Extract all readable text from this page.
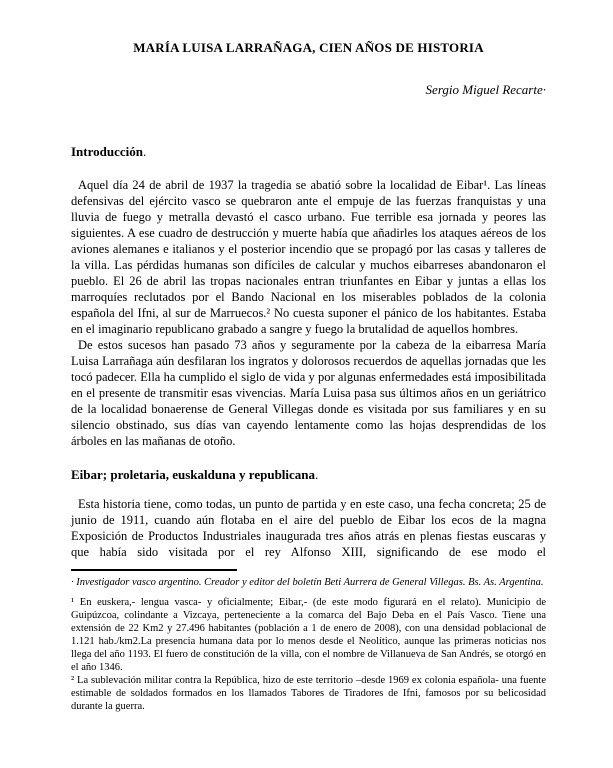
MARÍA LUISA LARRAÑAGA, CIEN AÑOS DE HISTORIA
Sergio Miguel Recarte·
Introducción.

Aquel día 24 de abril de 1937 la tragedia se abatió sobre la localidad de Eibar¹. Las líneas defensivas del ejército vasco se quebraron ante el empuje de las fuerzas franquistas y una lluvia de fuego y metralla devastó el casco urbano. Fue terrible esa jornada y peores las siguientes. A ese cuadro de destrucción y muerte había que añadirles los ataques aéreos de los aviones alemanes e italianos y el posterior incendio que se propagó por las casas y talleres de la villa. Las pérdidas humanas son difíciles de calcular y muchos eibarreses abandonaron el pueblo. El 26 de abril las tropas nacionales entran triunfantes en Eibar y juntas a ellas los marroquíes reclutados por el Bando Nacional en los miserables poblados de la colonia española del Ifni, al sur de Marruecos.² No cuesta suponer el pánico de los habitantes. Estaba en el imaginario republicano grabado a sangre y fuego la brutalidad de aquellos hombres.

De estos sucesos han pasado 73 años y seguramente por la cabeza de la eibarresa María Luisa Larrañaga aún desfilaran los ingratos y dolorosos recuerdos de aquellas jornadas que les tocó padecer. Ella ha cumplido el siglo de vida y por algunas enfermedades está imposibilitada en el presente de transmitir esas vivencias. María Luisa pasa sus últimos años en un geriátrico de la localidad bonaerense de General Villegas donde es visitada por sus familiares y en su silencio obstinado, sus días van cayendo lentamente como las hojas desprendidas de los árboles en las mañanas de otoño.

Eibar; proletaria, euskalduna y republicana.

Esta historia tiene, como todas, un punto de partida y en este caso, una fecha concreta; 25 de junio de 1911, cuando aún flotaba en el aire del pueblo de Eibar los ecos de la magna Exposición de Productos Industriales inaugurada tres años atrás en plenas fiestas euscaras y que había sido visitada por el rey Alfonso XIII, significando de ese modo el

· Investigador vasco argentino. Creador y editor del boletín Beti Aurrera de General Villegas. Bs. As. Argentina.

¹ En euskera,- lengua vasca- y oficialmente; Eibar,- (de este modo figurará en el relato). Municipio de Guipúzcoa, colindante a Vizcaya, perteneciente a la comarca del Bajo Deba en el País Vasco. Tiene una extensión de 22 Km2 y 27.496 habitantes (población a 1 de enero de 2008), con una densidad poblacional de 1.121 hab./km2.La presencia humana data por lo menos desde el Neolítico, aunque las primeras noticias nos llega del año 1193. El fuero de constitución de la villa, con el nombre de Villanueva de San Andrés, se otorgó en el año 1346.

² La sublevación militar contra la República, hizo de este territorio –desde 1969 ex colonia española- una fuente estimable de soldados formados en los llamados Tabores de Tiradores de Ifni, famosos por su belicosidad durante la guerra.
